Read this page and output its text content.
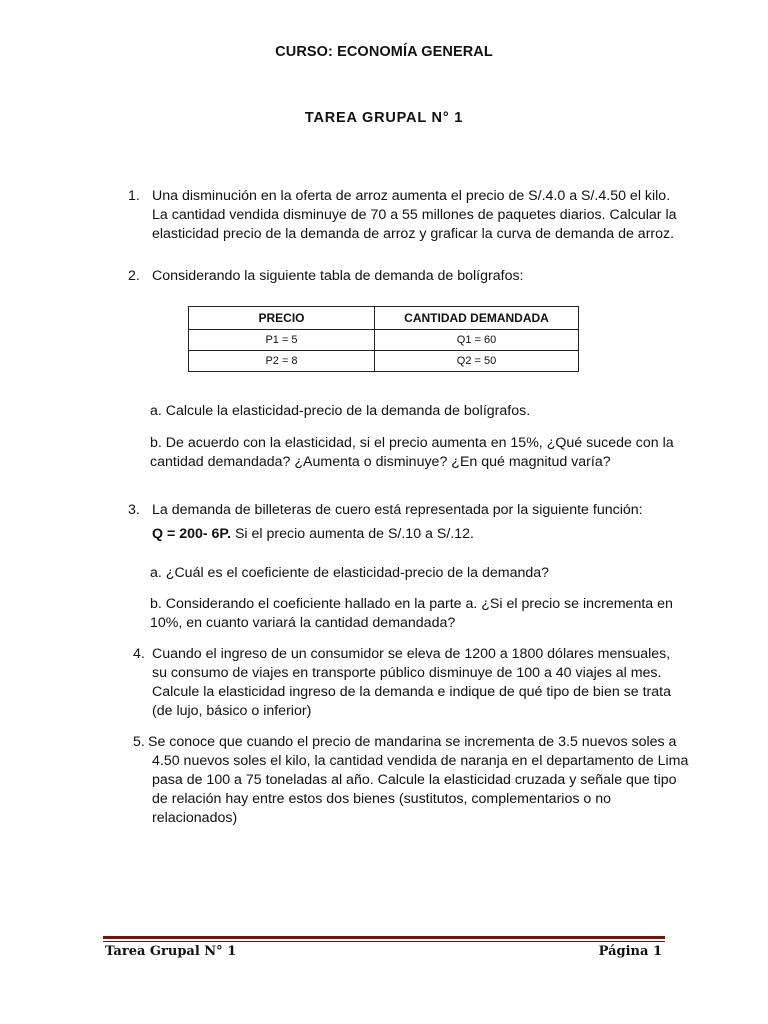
CURSO: ECONOMÍA GENERAL
TAREA GRUPAL N° 1
1. Una disminución en la oferta de arroz aumenta el precio de S/.4.0 a S/.4.50 el kilo.
La cantidad vendida disminuye de 70 a 55 millones de paquetes diarios. Calcular la
elasticidad precio de la demanda de arroz y graficar la curva de demanda de arroz.
2. Considerando la siguiente tabla de demanda de bolígrafos:
PRECIO	CANTIDAD DEMANDADA
P1 = 5	Q1 = 60
P2 = 8	Q2 = 50
a. Calcule la elasticidad-precio de la demanda de bolígrafos.
b. De acuerdo con la elasticidad, si el precio aumenta en 15%, ¿Qué sucede con la
cantidad demandada? ¿Aumenta o disminuye? ¿En qué magnitud varía?
3. La demanda de billeteras de cuero está representada por la siguiente función:
Q = 200- 6P. Si el precio aumenta de S/.10 a S/.12.
a. ¿Cuál es el coeficiente de elasticidad-precio de la demanda?
b. Considerando el coeficiente hallado en la parte a. ¿Si el precio se incrementa en
10%, en cuanto variará la cantidad demandada?
4. Cuando el ingreso de un consumidor se eleva de 1200 a 1800 dólares mensuales,
su consumo de viajes en transporte público disminuye de 100 a 40 viajes al mes.
Calcule la elasticidad ingreso de la demanda e indique de qué tipo de bien se trata
(de lujo, básico o inferior)
5. Se conoce que cuando el precio de mandarina se incrementa de 3.5 nuevos soles a
4.50 nuevos soles el kilo, la cantidad vendida de naranja en el departamento de Lima
pasa de 100 a 75 toneladas al año. Calcule la elasticidad cruzada y señale que tipo
de relación hay entre estos dos bienes (sustitutos, complementarios o no
relacionados)
Tarea Grupal N° 1	Página 1
